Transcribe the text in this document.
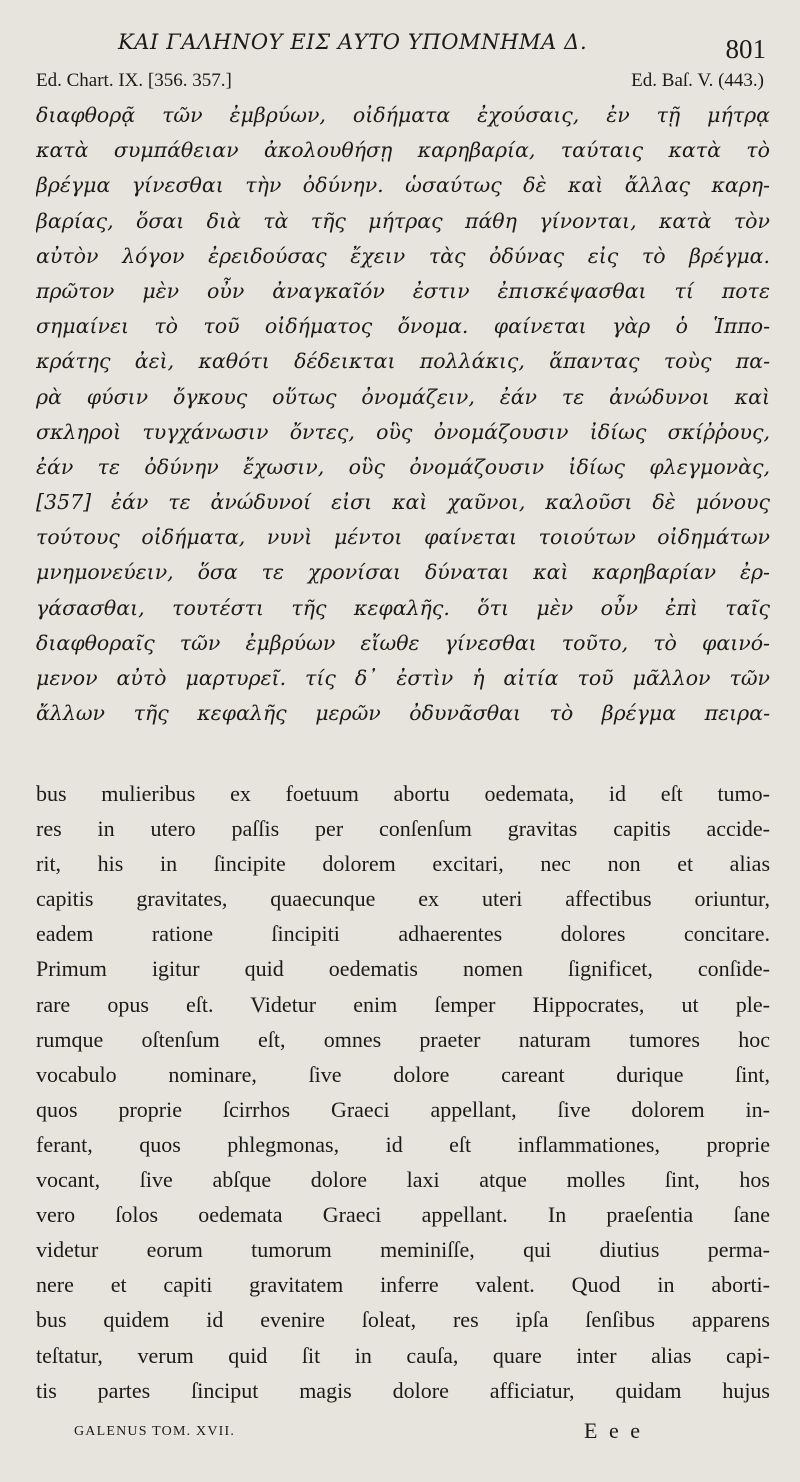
ΚΑΙ ΓΑΛΗΝΟΥ ΕΙΣ ΑΥΤΟ ΥΠΟΜΝΗΜΑ Δ.	801
Ed. Chart. IX. [356. 357.]	Ed. Baſ. V. (443.)
διαφθορᾷ τῶν ἐμβρύων, οἰδήματα ἐχούσαις, ἐν τῇ μήτρᾳ
κατὰ συμπάθειαν ἀκολουθήσῃ καρηβαρία, ταύταις κατὰ τὸ
βρέγμα γίνεσθαι τὴν ὀδύνην. ὡσαύτως δὲ καὶ ἄλλας καρη-
βαρίας, ὅσαι διὰ τὰ τῆς μήτρας πάθη γίνονται, κατὰ τὸν
αὐτὸν λόγον ἐρειδούσας ἔχειν τὰς ὀδύνας εἰς τὸ βρέγμα.
πρῶτον μὲν οὖν ἀναγκαῖόν ἐστιν ἐπισκέψασθαι τί ποτε
σημαίνει τὸ τοῦ οἰδήματος ὄνομα. φαίνεται γὰρ ὁ Ἱππο-
κράτης ἀεὶ, καθότι δέδεικται πολλάκις, ἅπαντας τοὺς πα-
ρὰ φύσιν ὄγκους οὕτως ὀνομάζειν, ἐάν τε ἀνώδυνοι καὶ
σκληροὶ τυγχάνωσιν ὄντες, οὓς ὀνομάζουσιν ἰδίως σκίῤῥους,
ἐάν τε ὀδύνην ἔχωσιν, οὓς ὀνομάζουσιν ἰδίως φλεγμονὰς,
[357] ἐάν τε ἀνώδυνοί εἰσι καὶ χαῦνοι, καλοῦσι δὲ μόνους
τούτους οἰδήματα, νυνὶ μέντοι φαίνεται τοιούτων οἰδημάτων
μνημονεύειν, ὅσα τε χρονίσαι δύναται καὶ καρηβαρίαν ἐρ-
γάσασθαι, τουτέστι τῆς κεφαλῆς. ὅτι μὲν οὖν ἐπὶ ταῖς
διαφθοραῖς τῶν ἐμβρύων εἴωθε γίνεσθαι τοῦτο, τὸ φαινό-
μενον αὐτὸ μαρτυρεῖ. τίς δ᾽ ἐστὶν ἡ αἰτία τοῦ μᾶλλον τῶν
ἄλλων τῆς κεφαλῆς μερῶν ὀδυνᾶσθαι τὸ βρέγμα πειρα-
bus mulieribus ex foetuum abortu oedemata, id eſt tumo-
res in utero paſſis per conſenſum gravitas capitis accide-
rit, his in ſincipite dolorem excitari, nec non et alias
capitis gravitates, quaecunque ex uteri affectibus oriuntur,
eadem ratione ſincipiti adhaerentes dolores concitare.
Primum igitur quid oedematis nomen ſignificet, conſide-
rare opus eſt. Videtur enim ſemper Hippocrates, ut ple-
rumque oſtenſum eſt, omnes praeter naturam tumores hoc
vocabulo nominare, ſive dolore careant durique ſint,
quos proprie ſcirrhos Graeci appellant, ſive dolorem in-
ferant, quos phlegmonas, id eſt inflammationes, proprie
vocant, ſive abſque dolore laxi atque molles ſint, hos
vero ſolos oedemata Graeci appellant. In praeſentia ſane
videtur eorum tumorum meminiſſe, qui diutius perma-
nere et capiti gravitatem inferre valent. Quod in aborti-
bus quidem id evenire ſoleat, res ipſa ſenſibus apparens
teſtatur, verum quid ſit in cauſa, quare inter alias capi-
tis partes ſinciput magis dolore afficiatur, quidam hujus
GALENUS TOM. XVII.	E e e
